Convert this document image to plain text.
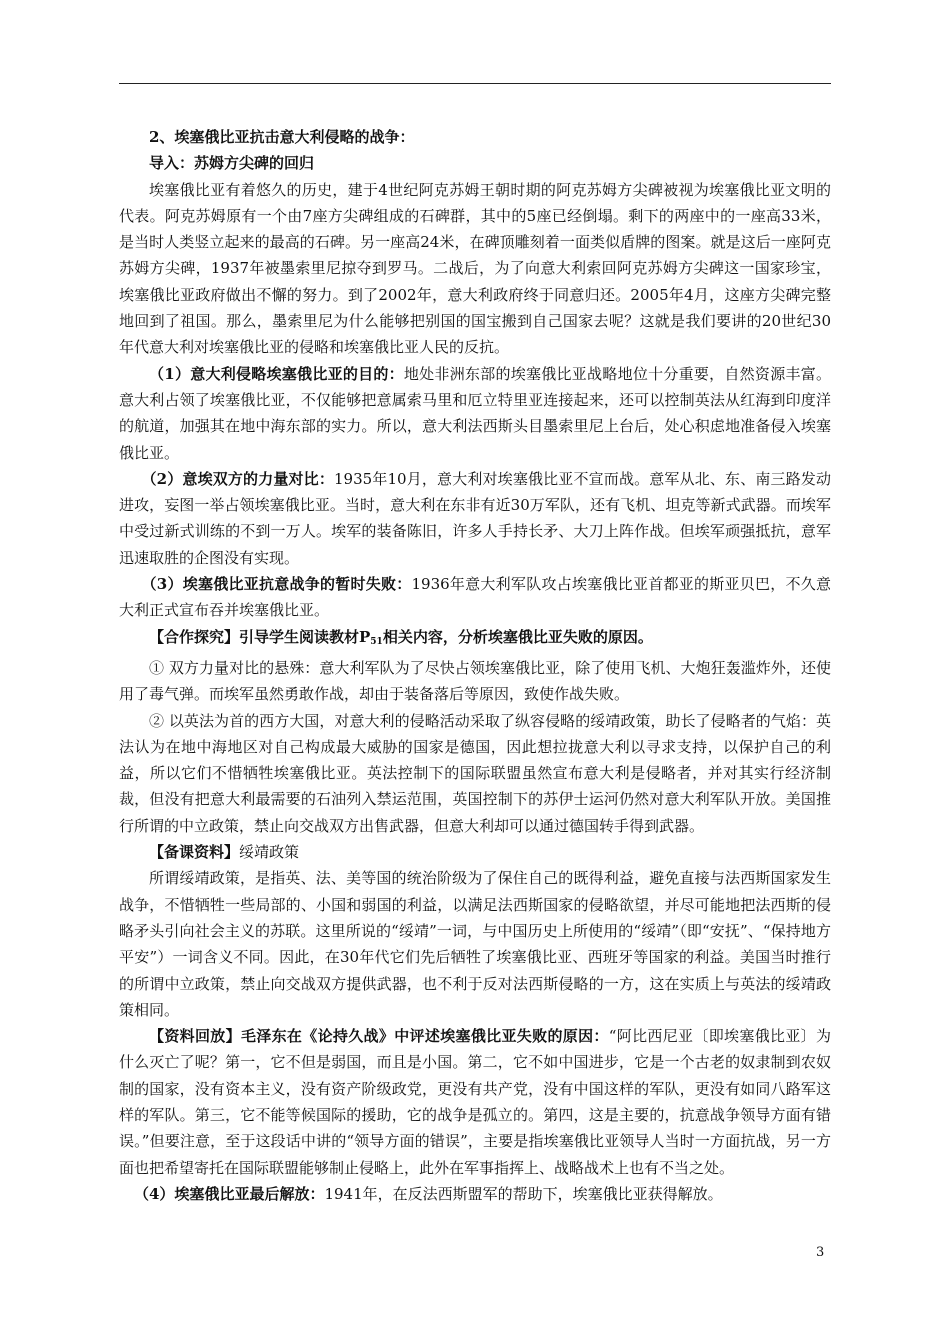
2、埃塞俄比亚抗击意大利侵略的战争：

导入：苏姆方尖碑的回归

埃塞俄比亚有着悠久的历史，建于4世纪阿克苏姆王朝时期的阿克苏姆方尖碑被视为埃塞俄比亚文明的代表。阿克苏姆原有一个由7座方尖碑组成的石碑群，其中的5座已经倒塌。剩下的两座中的一座高33米，是当时人类竖立起来的最高的石碑。另一座高24米，在碑顶雕刻着一面类似盾牌的图案。就是这后一座阿克苏姆方尖碑，1937年被墨索里尼掠夺到罗马。二战后，为了向意大利索回阿克苏姆方尖碑这一国家珍宝，埃塞俄比亚政府做出不懈的努力。到了2002年，意大利政府终于同意归还。2005年4月，这座方尖碑完整地回到了祖国。那么，墨索里尼为什么能够把别国的国宝搬到自己国家去呢？这就是我们要讲的20世纪30年代意大利对埃塞俄比亚的侵略和埃塞俄比亚人民的反抗。

（1）意大利侵略埃塞俄比亚的目的：地处非洲东部的埃塞俄比亚战略地位十分重要，自然资源丰富。意大利占领了埃塞俄比亚，不仅能够把意属索马里和厄立特里亚连接起来，还可以控制英法从红海到印度洋的航道，加强其在地中海东部的实力。所以，意大利法西斯头目墨索里尼上台后，处心积虑地准备侵入埃塞俄比亚。

（2）意埃双方的力量对比：1935年10月，意大利对埃塞俄比亚不宣而战。意军从北、东、南三路发动进攻，妄图一举占领埃塞俄比亚。当时，意大利在东非有近30万军队，还有飞机、坦克等新式武器。而埃军中受过新式训练的不到一万人。埃军的装备陈旧，许多人手持长矛、大刀上阵作战。但埃军顽强抵抗，意军迅速取胜的企图没有实现。

（3）埃塞俄比亚抗意战争的暂时失败：1936年意大利军队攻占埃塞俄比亚首都亚的斯亚贝巴，不久意大利正式宣布吞并埃塞俄比亚。

【合作探究】引导学生阅读教材$P_{51}$相关内容，分析埃塞俄比亚失败的原因。

① 双方力量对比的悬殊：意大利军队为了尽快占领埃塞俄比亚，除了使用飞机、大炮狂轰滥炸外，还使用了毒气弹。而埃军虽然勇敢作战，却由于装备落后等原因，致使作战失败。

② 以英法为首的西方大国，对意大利的侵略活动采取了纵容侵略的绥靖政策，助长了侵略者的气焰：英法认为在地中海地区对自己构成最大威胁的国家是德国，因此想拉拢意大利以寻求支持，以保护自己的利益，所以它们不惜牺牲埃塞俄比亚。英法控制下的国际联盟虽然宣布意大利是侵略者，并对其实行经济制裁，但没有把意大利最需要的石油列入禁运范围，英国控制下的苏伊士运河仍然对意大利军队开放。美国推行所谓的中立政策，禁止向交战双方出售武器，但意大利却可以通过德国转手得到武器。

【备课资料】绥靖政策

所谓绥靖政策，是指英、法、美等国的统治阶级为了保住自己的既得利益，避免直接与法西斯国家发生战争，不惜牺牲一些局部的、小国和弱国的利益，以满足法西斯国家的侵略欲望，并尽可能地把法西斯的侵略矛头引向社会主义的苏联。这里所说的“绥靖”一词，与中国历史上所使用的“绥靖”（即“安抚”、“保持地方平安”）一词含义不同。因此，在30年代它们先后牺牲了埃塞俄比亚、西班牙等国家的利益。美国当时推行的所谓中立政策，禁止向交战双方提供武器，也不利于反对法西斯侵略的一方，这在实质上与英法的绥靖政策相同。

【资料回放】毛泽东在《论持久战》中评述埃塞俄比亚失败的原因：“阿比西尼亚〔即埃塞俄比亚〕为什么灭亡了呢？第一，它不但是弱国，而且是小国。第二，它不如中国进步，它是一个古老的奴隶制到农奴制的国家，没有资本主义，没有资产阶级政党，更没有共产党，没有中国这样的军队，更没有如同八路军这样的军队。第三，它不能等候国际的援助，它的战争是孤立的。第四，这是主要的，抗意战争领导方面有错误。”但要注意，至于这段话中讲的“领导方面的错误”，主要是指埃塞俄比亚领导人当时一方面抗战，另一方面也把希望寄托在国际联盟能够制止侵略上，此外在军事指挥上、战略战术上也有不当之处。

（4）埃塞俄比亚最后解放：1941年，在反法西斯盟军的帮助下，埃塞俄比亚获得解放。

3
